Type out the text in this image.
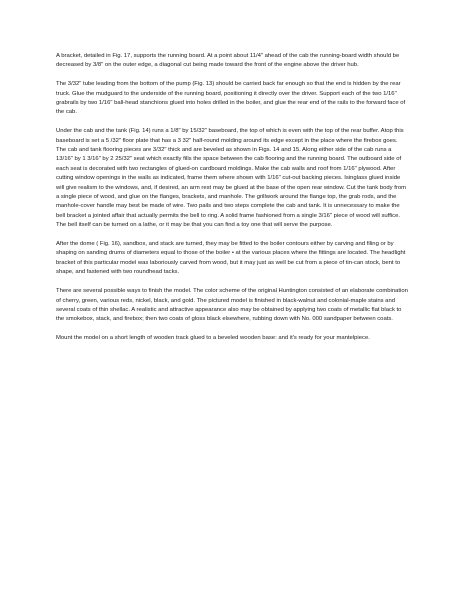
A bracket, detailed in Fig. 17, supports the running board. At a point about 11/4" ahead of the cab the running-board width should be decreased by 3/8" on the outer edge, a diagonal cut being made toward the front of the engine above the driver hub.

The 3/32" tube leading from the bottom of the pump (Fig. 13) should be carried back far enough so that the end is hidden by the rear truck. Glue the mudguard to the underside of the running board, positioning it directly over the driver. Support each of the two 1/16" grabrails by two 1/16" ball-head stanchions glued into holes drilled in the boiler, and glue the rear end of the rails to the forward face of the cab.

Under the cab and the tank (Fig. 14) runs a 1/8" by 15/32" baseboard, the top of which is even with the top of the rear buffer. Atop this baseboard is set a 5 /32" floor plate that has a 3 32" half-round molding around its edge except in the place where the firebox goes. The cab and tank flooring pieces are 3/32" thick and are beveled as shown in Figs. 14 and 15. Along either side of the cab runs a 13/16" by 1 3/16" by 2 25/32" seat which exactly fills the space between the cab flooring and the running board. The outboard side of each seat is decorated with two rectangles of glued-on cardboard moldings. Make the cab walls and roof from 1/16" plywood. After cutting window openings in the walls as indicated, frame them where shown with 1/16" cut-out backing pieces. Isinglass glued inside will give realism to the windows, and, if desired, an arm rest may be glued at the base of the open rear window. Cut the tank body from a single piece of wood, and glue on the flanges, brackets, and manhole. The grillwork around the flange top, the grab rods, and the manhole-cover handle may best be made of wire. Two pails and two steps complete the cab and tank. It is unnecessary to make the bell bracket a jointed affair that actually permits the bell to ring. A solid frame fashioned from a single 3/16" piece of wood will suffice. The bell itself can be turned on a lathe, or it may be that you can find a toy one that will serve the purpose.

After the dome ( Fig. 16), sandbox, and stack are turned, they may be fitted to the boiler contours either by carving and filing or by shaping on sanding drums of diameters equal to those of the boiler • at the various places where the fittings are located. The headlight bracket of this particular model was laboriously carved from wood, but it may just as well be cut from a piece of tin-can stock, bent to shape, and fastened with two roundhead tacks.

There are several possible ways to finish the model. The color scheme of the original Huntington consisted of an elaborate combination of cherry, green, various reds, nickel, black, and gold. The pictured model is finished in black-walnut and colonial-maple stains and several coats of thin shellac. A realistic and attractive appearance also may be obtained by applying two coats of metallic flat black to the smokebox, stack, and firebox; then two coats of gloss black elsewhere, rubbing down with No. 000 sandpaper between coats.

Mount the model on a short length of wooden track glued to a beveled wooden base: and it's ready for your mantelpiece.
